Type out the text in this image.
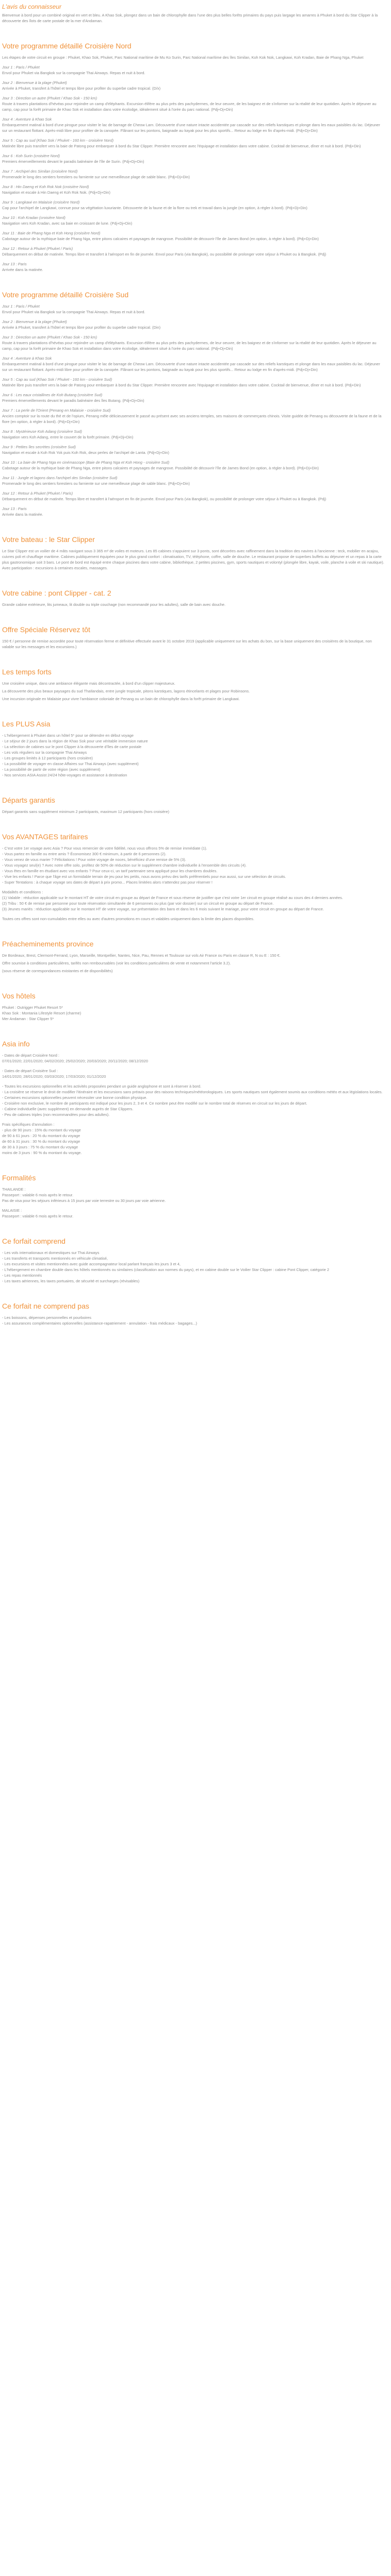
L'avis du connaisseur

Bienvenue à bord pour un combiné original en vert et bleu. A Khao Sok, plongez dans un bain de chlorophylle dans l'une des plus belles forêts primaires du pays puis largage les amarres à Phuket à bord du Star Clipper à la découverte des îlots de carte postale de la mer d'Andaman.

Votre programme détaillé Croisière Nord

Les étapes de votre circuit en groupe : Phuket, Khao Sok, Phuket, Parc National marítime de Mu Ko Surin, Parc National marítime des îles Similan, Koh Kok Nok, Langkawi, Koh Kradan, Baie de Phang Nga, Phuket

Jour 1 : Paris / Phuket
Envol pour Phuket via Bangkok sur la compagnie Thai Airways. Repas et nuit à bord.
Jour 2 : Bienvenue à la plage (Phuket)
Arrivée à Phuket, transfert à l'hôtel et temps libre pour profiter du superbe cadre tropical. (D/x)
Jour 3 : Direction un autre (Phuket / Khao Sok - 150 km)
Route à travers plantations d'hévéas pour rejoindre un camp d'éléphants. Excursion élifère au plus près des pachydermes, de leur oeuvre, de les baignez et de s'informer sur la réalité de leur quotidien. Après le déjeuner au camp, cap pour la forêt primaire de Khao Sok et installation dans votre écolodge, idéalement situé à l'orée du parc national. (Pdj+Dj+Din)
Jour 4 : Aventure à Khao Sok
Embarquement matinal à bord d'une pirogue pour visiter le lac de barrage de Cheow Larn. Découverte d'une nature intacte accidentée par cascade sur des reliefs karstiques et plonge dans les eaux paisibles du lac. Déjeuner sur un restaurant flottant. Après-midi libre pour profiter de la canopée. Flânant sur les pontons, baignade au kayak pour les plus sportifs... Retour au lodge en fin d'après-midi. (Pdj+Dj+Din)
Jour 5 : Cap au sud (Khao Sok / Phuket - 160 km - croisière Nord)
Matinée libre puis transfert vers la baie de Patong pour embarquer à bord du Star Clipper. Première rencontre avec l'équipage et installation dans votre cabine. Cocktail de bienvenue, dîner et nuit à bord. (Pdj+Din)
Jour 6 : Koh Surin (croisière Nord)
Premiers émerveillements devant le paradis balnéaire de l'île de Surin. (Pdj+Dj+Din)
Jour 7 : Archipel des Similan (croisière Nord)
Promenade le long des sentiers forestiers ou farniente sur une merveilleuse plage de sable blanc. (Pdj+Dj+Din)
Jour 8 : Hin Daeng et Koh Rok Nok (croisière Nord)
Navigation et escale à Hin Daeng et Koh Rok Nok. (Pdj+Dj+Din)
Jour 9 : Langkawi en Malaisie (croisière Nord)
Cap pour l'archipel de Langkawi, connue pour sa végétation luxuriante. Découverte de la faune et de la flore ou trek et travail dans la jungle (en option, à régler à bord). (Pdj+Dj+Din)
Jour 10 : Koh Kradan (croisière Nord)
Navigation vers Koh Kradan, avec sa baie en croissant de lune. (Pdj+Dj+Din)
Jour 11 : Baie de Phang Nga et Koh Hong (croisière Nord)
Cabotage autour de la mythique baie de Phang Nga, entre pitons calcaires et paysages de mangrove. Possibilité de découvrir l'île de James Bond (en option, à régler à bord). (Pdj+Dj+Din)
Jour 12 : Retour à Phuket (Phuket / Paris)
Débarquement en début de matinée. Temps libre et transfert à l'aéroport en fin de journée. Envol pour Paris (via Bangkok), ou possibilité de prolonger votre séjour à Phuket ou à Bangkok. (Pdj)
Jour 13 : Paris
Arrivée dans la matinée.
Votre programme détaillé Croisière Sud
Jour 1 : Paris / Phuket
Envol pour Phuket via Bangkok sur la compagnie Thai Airways. Repas et nuit à bord.
Jour 2 : Bienvenue à la plage (Phuket)
Arrivée à Phuket, transfert à l'hôtel et temps libre pour profiter du superbe cadre tropical. (Din)
Jour 3 : Direction un autre (Phuket / Khao Sok - 150 km)
Route à travers plantations d'hévéas pour rejoindre un camp d'éléphants. Excursion élifère au plus près des pachydermes, de leur oeuvre, de les baignez et de s'informer sur la réalité de leur quotidien. Après le déjeuner au camp, cap pour la forêt primaire de Khao Sok et installation dans votre écolodge, idéalement situé à l'orée du parc national. (Pdj+Dj+Din)
Jour 4 : Aventure à Khao Sok
Embarquement matinal à bord d'une pirogue pour visiter le lac de barrage de Cheow Larn. Découverte d'une nature intacte accidentée par cascade sur des reliefs karstiques et plonge dans les eaux paisibles du lac. Déjeuner sur un restaurant flottant. Après-midi libre pour profiter de la canopée. Flânant sur les pontons, baignade au kayak pour les plus sportifs... Retour au lodge en fin d'après-midi. (Pdj+Dj+Din)
Jour 5 : Cap au sud (Khao Sok / Phuket - 160 km - croisière Sud)
Matinée libre puis transfert vers la baie de Patong pour embarquer à bord du Star Clipper. Première rencontre avec l'équipage et installation dans votre cabine. Cocktail de bienvenue, dîner et nuit à bord. (Pdj+Din)
Jour 6 : Les eaux cristallines de Koh Butang (croisière Sud)
Premiers émerveillements devant le paradis balnéaire des îles Butang. (Pdj+Dj+Din)
Jour 7 : La perle de l'Orient (Penang en Malaisie - croisière Sud)
Ancien comptoir sur la route du thé et de l'opium, Penang mêle délicieusement le passé au présent avec ses anciens temples, ses maisons de commerçants chinois. Visite guidée de Penang ou découverte de la faune et de la flore (en option, à régler à bord). (Pdj+Dj+Din)
Jour 8 : Mystérieuse Koh Adang (croisière Sud)
Navigation vers Koh Adang, entre le couvert de la forêt primaire. (Pdj+Dj+Din)
Jour 9 : Petites îles secrètes (croisière Sud)
Navigation et escale à Koh Rok Yok puis Koh Rok, deux perles de l'archipel de Lanta. (Pdj+Dj+Din)
Jour 10 : La baie de Phang Nga en cinémascope (Baie de Phang Nga et Koh Hong - croisière Sud)
Cabotage autour de la mythique baie de Phang Nga, entre pitons calcaires et paysages de mangrove. Possibilité de découvrir l'île de James Bond (en option, à régler à bord). (Pdj+Dj+Din)
Jour 11 : Jungle et lagons dans l'archipel des Similan (croisière Sud)
Promenade le long des sentiers forestiers ou farniente sur une merveilleuse plage de sable blanc. (Pdj+Dj+Din)
Jour 12 : Retour à Phuket (Phuket / Paris)
Débarquement en début de matinée. Temps libre et transfert à l'aéroport en fin de journée. Envol pour Paris (via Bangkok), ou possibilité de prolonger votre séjour à Phuket ou à Bangkok. (Pdj)
Jour 13 : Paris
Arrivée dans la matinée.
Votre bateau : le Star Clipper

Le Star Clipper est un voilier de 4 mâts navigant sous 3 365 m² de voiles et moteurs. Les 85 cabines s'appuient sur 3 ponts, sont décorées avec raffinement dans la tradition des navires à l'ancienne : teck, mobilier en acajou, cuivres poli et chauffage maritime. Cabines publiquement équipées pour le plus grand confort : climatisation, TV, téléphone, coffre, salle de douche. Le restaurant propose de superbes buffets au déjeuner et un repas à la carte plus gastronomique soit 3 bars. Le pont de bord est équipé entre chaque piscines dans votre cabine, bibliothèque, 2 petites piscines, gym, sports nautiques et volontyl (plongée libre, kayak, voile, planche à voile et ski nautique). Avec participation : excursions à certaines escales, massages.

Votre cabine : pont Clipper - cat. 2

Grande cabine extérieure, lits jumeaux, lit double ou triple couchage (non recommandé pour les adultes), salle de bain avec douche.

Offre Spéciale Réservez tôt

150 € / personne de remise accordée pour toute réservation ferme et définitive effectuée avant le 31 octobre 2019 (applicable uniquement sur les achats du bon, sur la base uniquement des croisières de la boutique, non valable sur les messages et les excursions.)

Les temps forts

Une croisière unique, dans une ambiance élégante mais décontractée, à bord d'un clipper majestueux.

La découverte des plus beaux paysages du sud Thaïlandais, entre jungle tropicale, pitons karstiques, lagons étincelants et plages pour Robinsons.

Une incursion originale en Malaisie pour vivre l'ambiance coloniale de Penang ou un bain de chlorophylle dans la forêt primaire de Langkawi.

Les PLUS Asia
- L'hébergement à Phuket dans un hôtel 5* pour se détendre en début voyage
- Le séjour de 2 jours dans la région de Khao Sok pour une véritable immersion nature
- La sélection de cabines sur le pont Clipper à la découverte d'îles de carte postale
- Les vols réguliers sur la compagnie Thai Airways
- Les groupes limités à 12 participants (hors croisière)
- La possibilité de voyager en classe Affaires sur Thai Airways (avec supplément)
- La possibilité de partir de votre région (avec supplément)
- Nos services ASIA Assist 24/24 hôte-voyages et assistance à destination
Départs garantis

Départ garantis sans supplément minimum 2 participants, maximum 12 participants (hors croisière)

Vos AVANTAGES tarifaires
- C'est votre 1er voyage avec Asia ? Pour vous remercier de votre fidélité, nous vous offrons 5% de remise immédiate (1).
- Vous partez en famille ou entre amis ? Économisez 300 € minimum, à partir de 6 personnes (2).
- Vous venez de vous marier ? Félicitations ! Pour votre voyage de noces, bénéficiez d'une remise de 5% (3).
- Vous voyagez seul(e) ? Avec notre offre solo, profitez de 50% de réduction sur le supplément chambre individuelle à l'ensemble des circuits (4).
- Vous êtes en famille en étudiant avec vos enfants ? Pour ceux-ci, un tarif partenaire sera appliqué pour les chambres doubles.
- Vive les enfants ! Parce que l'âge est un formidable terrain de jeu pour les petits, nous avons prévu des tarifs préférentiels pour eux aussi, sur une sélection de circuits.
- Super Tentations : à chaque voyage ses dates de départ à prix promo... Places limitées alors n'attendez pas pour réserver !
Modalités et conditions :
(1) Valable : réduction applicable sur le montant HT de votre circuit en groupe au départ de France et sous réserve de justifier que c'est votre 1er circuit en groupe réalisé au cours des 4 derniers années.
(2) Tribu : 50 € de remise par personne pour toute réservation simultanée de 6 personnes ou plus (par voir dossier) sur un circuit en groupe au départ de France.
(3) Jeunes mariés : réduction applicable sur le montant HT de votre voyage, sur présentation des bans et dans les 6 mois suivant le mariage, pour votre circuit en groupe au départ de France.

Toutes ces offres sont non-cumulables entre elles ou avec d'autres promotions en cours et valables uniquement dans la limite des places disponibles.

Préacheminements province

De Bordeaux, Brest, Clermont-Ferrand, Lyon, Marseille, Montpellier, Nantes, Nice, Pau, Rennes et Toulouse sur vols Air France ou Paris en classe R, N ou E : 150 €.

Offre soumise à conditions particulières, tarifés non remboursables (voir les conditions particulières de vente et notamment l'article 3.2).

(sous réserve de correspondances existantes et de disponibilités)

Vos hôtels
Phuket : Outrigger Phuket Resort 5*
Khao Sok : Montania Lifestyle Resort (charme)
Mer Andaman : Star Clipper 5*
Asia info
- Dates de départ Croisière Nord :
07/01/2020; 22/01/2020; 04/02/2020; 25/02/2020; 20/03/2020; 20/11/2020; 08/12/2020
- Dates de départ Croisière Sud :
14/01/2020; 28/01/2020; 03/03/2020; 17/03/2020; 01/12/2020
- Toutes les excursions optionnelles et les activités proposées pendant un guide anglophone et sont à réserver à bord.
- La croisière se réserve le droit de modifier l'itinéraire et les excursions sans préavis pour des raisons techniques/météorologiques. Les sports nautiques sont également soumis aux conditions météo et aux législations locales.
- Certaines excursions optionnelles peuvent nécessiter une bonne condition physique.
- Croisière non exclusive, le nombre de participants est indiqué pour les jours 2, 3 et 4. Ce nombre peut être modifié sur le nombre total de réserves en circuit sur les jours de départ.
- Cabine individuelle (avec supplément) en demande auprès de Star Clippers.
- Peu de cabines triples (non recommandées pour des adultes).
Frais spécifiques d'annulation :
- plus de 90 jours : 15% du montant du voyage
de 90 à 61 jours : 20 % du montant du voyage
de 60 à 31 jours : 30 % du montant du voyage
de 30 à 3 jours : 75 % du montant du voyage
moins de 3 jours : 90 % du montant du voyage.
Formalités
THAILANDE :
Passeport : valable 6 mois après le retour.
Pas de visa pour les séjours inférieurs à 15 jours par voie terrestre ou 30 jours par voie aérienne.
MALAISIE :
Passeport : valable 6 mois après le retour.
Ce forfait comprend
- Les vols internationaux et domestiques sur Thai Airways
- Les transferts et transports mentionnés en véhicule climatisé,
- Les excursions et visites mentionnées avec guide accompagnateur local parlant français les jours 3 et 4,
- L'hébergement en chambre double dans les hôtels mentionnés ou similaires (classification aux normes du pays), et en cabine double sur le Voilier Star Clipper : cabine Pont Clipper, catégorie 2
- Les repas mentionnés
- Les taxes aériennes, les taxes portuaires, de sécurité et surcharges (révisables)
Ce forfait ne comprend pas
- Les boissons, dépenses personnelles et pourboires
- Les assurances complémentaires optionnelles (assistance-rapatriement - annulation - frais médicaux - bagages...)
